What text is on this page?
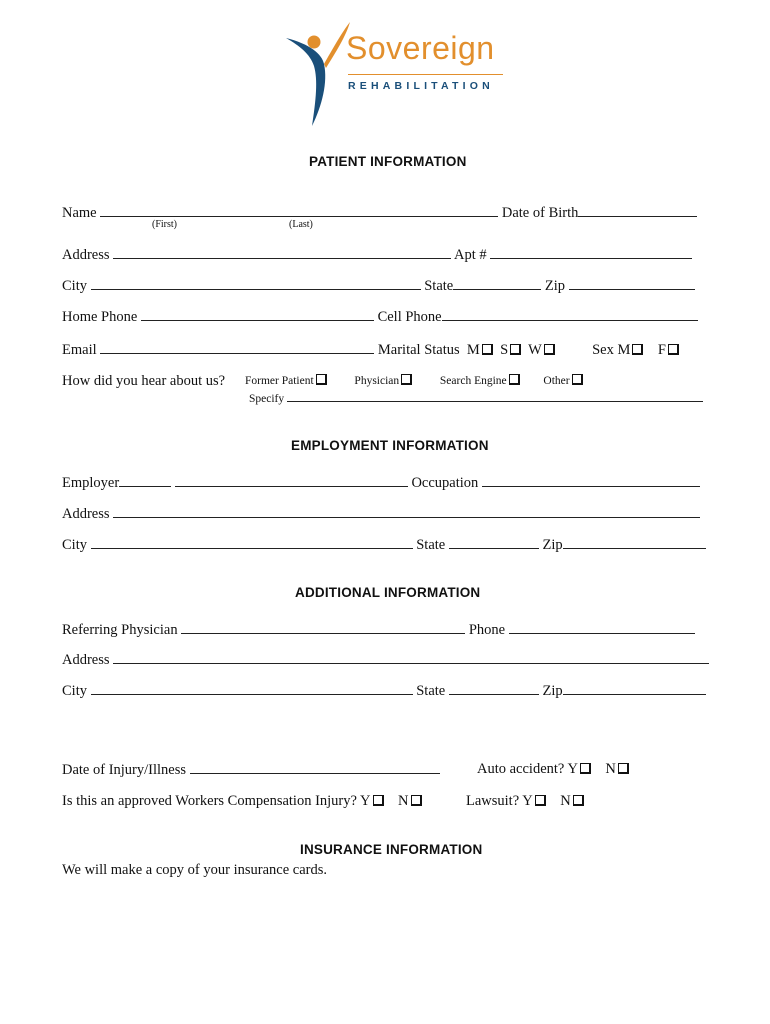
Sovereign
REHABILITATION
PATIENT INFORMATION
Name	Date of Birth
(First)	(Last)
Address	Apt #
City	State	Zip
Home Phone	Cell Phone
Email	Marital Status M S W	Sex M F
How did you hear about us? Former Patient	Physician	Search Engine	Other
Specify
EMPLOYMENT INFORMATION
Employer	Occupation
Address
City	State	Zip
ADDITIONAL INFORMATION
Referring Physician	Phone
Address
City	State	Zip
Date of Injury/Illness	Auto accident? Y N
Is this an approved Workers Compensation Injury? Y N	Lawsuit? Y N
INSURANCE INFORMATION
We will make a copy of your insurance cards.
